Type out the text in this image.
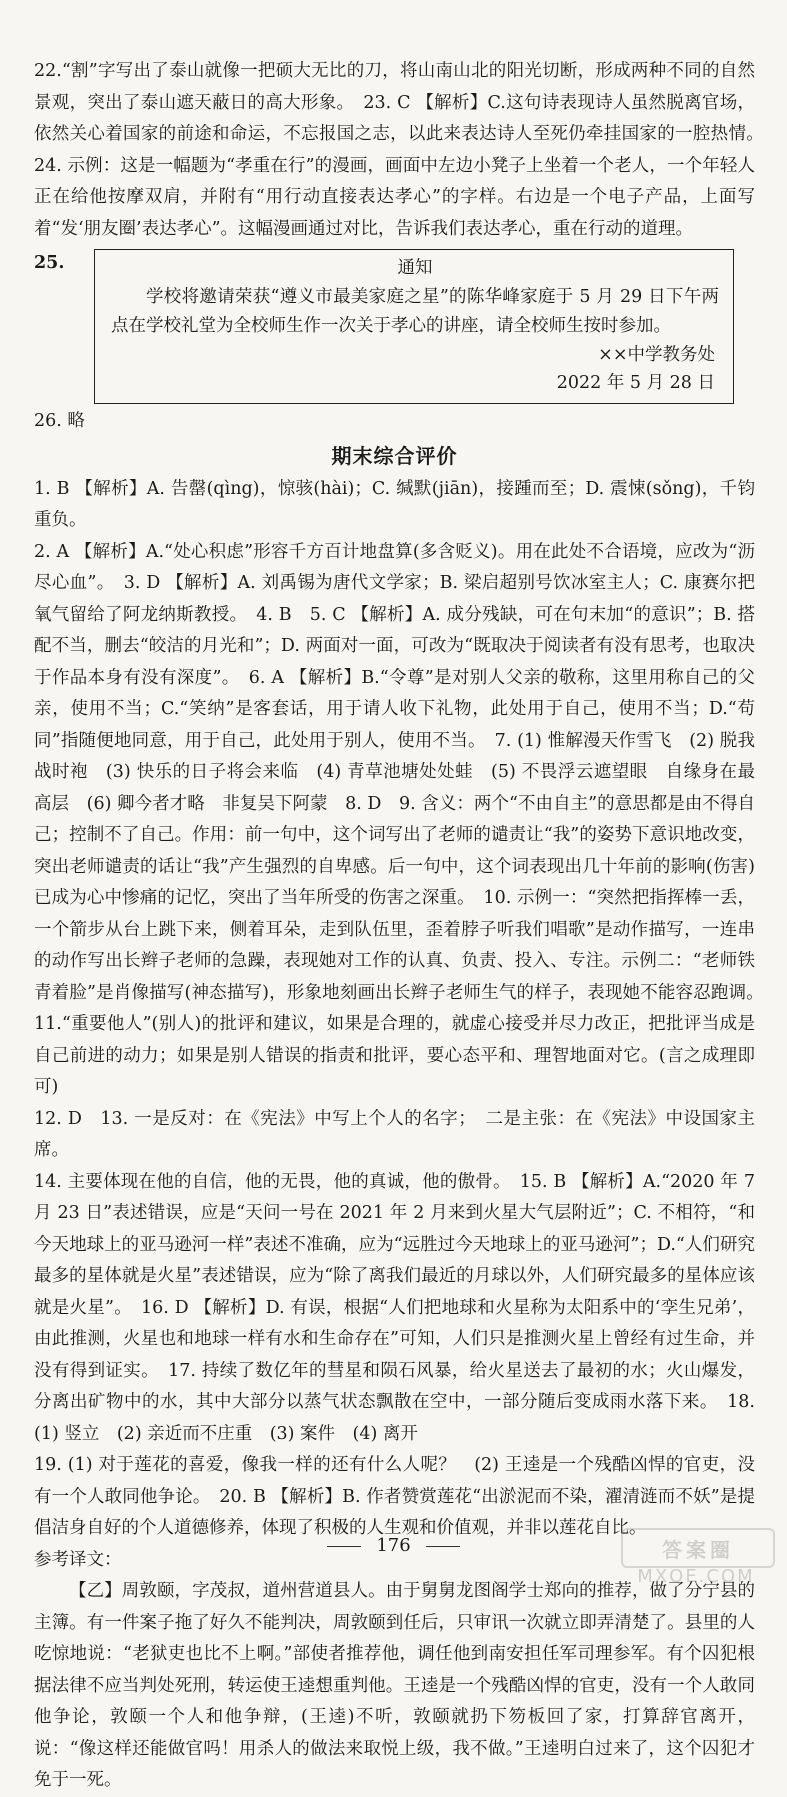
22.“割”字写出了泰山就像一把硕大无比的刀，将山南山北的阳光切断，形成两种不同的自然景观，突出了泰山遮天蔽日的高大形象。　23. C 【解析】C.这句诗表现诗人虽然脱离官场，依然关心着国家的前途和命运，不忘报国之志，以此来表达诗人至死仍牵挂国家的一腔热情。　24. 示例：这是一幅题为“孝重在行”的漫画，画面中左边小凳子上坐着一个老人，一个年轻人正在给他按摩双肩，并附有“用行动直接表达孝心”的字样。右边是一个电子产品，上面写着“发‘朋友圈’表达孝心”。这幅漫画通过对比，告诉我们表达孝心，重在行动的道理。

25.	通知
学校将邀请荣获“遵义市最美家庭之星”的陈华峰家庭于 5 月 29 日下午两点在学校礼堂为全校师生作一次关于孝心的讲座，请全校师生按时参加。
××中学教务处
2022 年 5 月 28 日

26. 略

期末综合评价

1. B 【解析】A. 告罄(qìng)，惊骇(hài)；C. 缄默(jiān)，接踵而至；D. 震悚(sǒng)，千钧重负。

2. A 【解析】A.“处心积虑”形容千方百计地盘算(多含贬义)。用在此处不合语境，应改为“沥尽心血”。　3. D 【解析】A. 刘禹锡为唐代文学家；B. 梁启超别号饮冰室主人；C. 康赛尔把氧气留给了阿龙纳斯教授。　4. B　5. C 【解析】A. 成分残缺，可在句末加“的意识”；B. 搭配不当，删去“皎洁的月光和”；D. 两面对一面，可改为“既取决于阅读者有没有思考，也取决于作品本身有没有深度”。　6. A 【解析】B.“令尊”是对别人父亲的敬称，这里用称自己的父亲，使用不当；C.“笑纳”是客套话，用于请人收下礼物，此处用于自己，使用不当；D.“苟同”指随便地同意，用于自己，此处用于别人，使用不当。　7. (1) 惟解漫天作雪飞　(2) 脱我战时袍　(3) 快乐的日子将会来临　(4) 青草池塘处处蛙　(5) 不畏浮云遮望眼　自缘身在最高层　(6) 卿今者才略　非复吴下阿蒙　8. D　9. 含义：两个“不由自主”的意思都是由不得自己；控制不了自己。作用：前一句中，这个词写出了老师的谴责让“我”的姿势下意识地改变，突出老师谴责的话让“我”产生强烈的自卑感。后一句中，这个词表现出几十年前的影响(伤害)已成为心中惨痛的记忆，突出了当年所受的伤害之深重。　10. 示例一：“突然把指挥棒一丢，一个箭步从台上跳下来，侧着耳朵，走到队伍里，歪着脖子听我们唱歌”是动作描写，一连串的动作写出长辫子老师的急躁，表现她对工作的认真、负责、投入、专注。示例二：“老师铁青着脸”是肖像描写(神态描写)，形象地刻画出长辫子老师生气的样子，表现她不能容忍跑调。　11.“重要他人”(别人)的批评和建议，如果是合理的，就虚心接受并尽力改正，把批评当成是自己前进的动力；如果是别人错误的指责和批评，要心态平和、理智地面对它。(言之成理即可)

12. D　13. 一是反对：在《宪法》中写上个人的名字；　二是主张：在《宪法》中设国家主席。

14. 主要体现在他的自信，他的无畏，他的真诚，他的傲骨。　15. B 【解析】A.“2020 年 7 月 23 日”表述错误，应是“天问一号在 2021 年 2 月来到火星大气层附近”；C. 不相符，“和今天地球上的亚马逊河一样”表述不准确，应为“远胜过今天地球上的亚马逊河”；D.“人们研究最多的星体就是火星”表述错误，应为“除了离我们最近的月球以外，人们研究最多的星体应该就是火星”。　16. D 【解析】D. 有误，根据“人们把地球和火星称为太阳系中的‘孪生兄弟’，由此推测，火星也和地球一样有水和生命存在”可知，人们只是推测火星上曾经有过生命，并没有得到证实。　17. 持续了数亿年的彗星和陨石风暴，给火星送去了最初的水；火山爆发，分离出矿物中的水，其中大部分以蒸气状态飘散在空中，一部分随后变成雨水落下来。　18. (1) 竖立　(2) 亲近而不庄重　(3) 案件　(4) 离开

19. (1) 对于莲花的喜爱，像我一样的还有什么人呢？　(2) 王逵是一个残酷凶悍的官吏，没有一个人敢同他争论。　20. B 【解析】B. 作者赞赏莲花“出淤泥而不染，濯清涟而不妖”是提倡洁身自好的个人道德修养，体现了积极的人生观和价值观，并非以莲花自比。

参考译文：

【乙】周敦颐，字茂叔，道州营道县人。由于舅舅龙图阁学士郑向的推荐，做了分宁县的主簿。有一件案子拖了好久不能判决，周敦颐到任后，只审讯一次就立即弄清楚了。县里的人吃惊地说：“老狱吏也比不上啊。”部使者推荐他，调任他到南安担任军司理参军。有个囚犯根据法律不应当判处死刑，转运使王逵想重判他。王逵是一个残酷凶悍的官吏，没有一个人敢同他争论，敦颐一个人和他争辩，(王逵)不听，敦颐就扔下笏板回了家，打算辞官离开，说：“像这样还能做官吗！用杀人的做法来取悦上级，我不做。”王逵明白过来了，这个囚犯才免于一死。

176	答案圈
MXQE.COM
